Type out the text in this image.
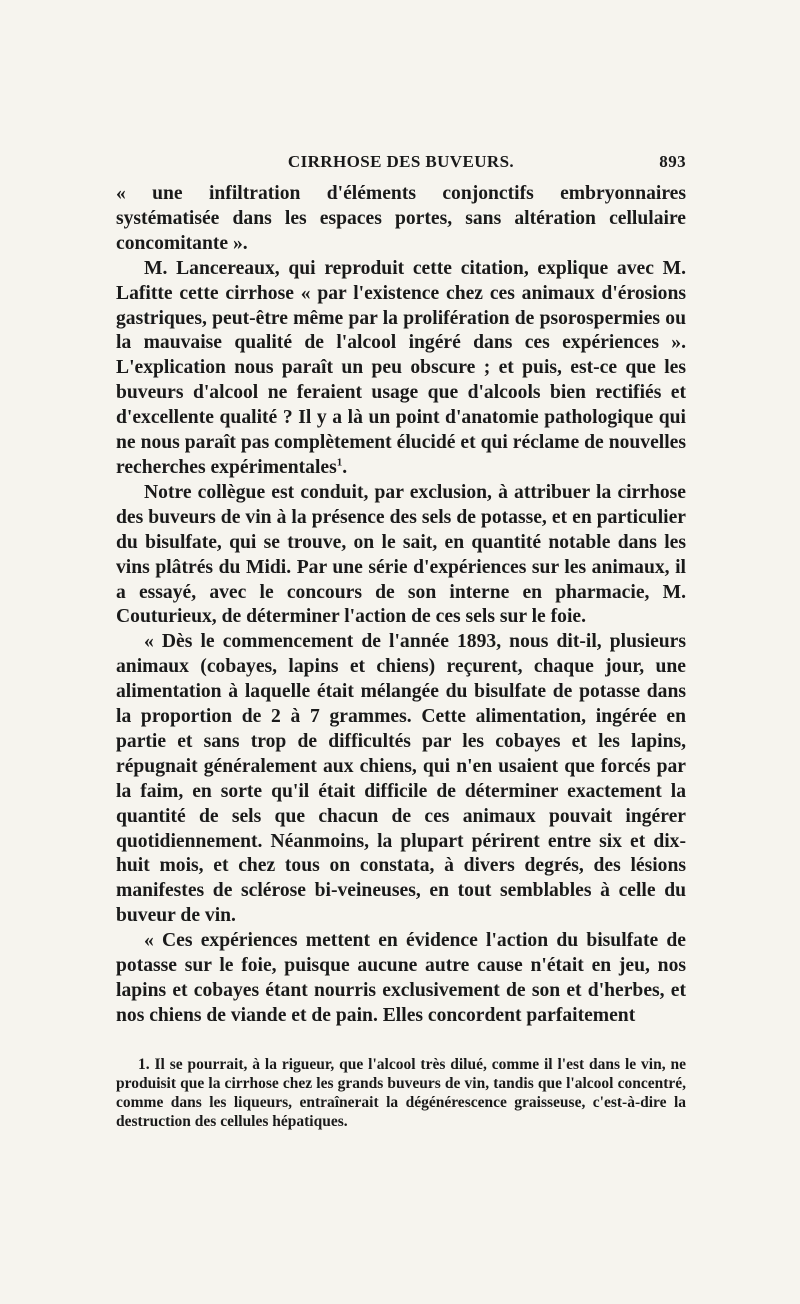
CIRRHOSE DES BUVEURS.	893

« une infiltration d'éléments conjonctifs embryonnaires systématisée dans les espaces portes, sans altération cellulaire concomitante ».

M. Lancereaux, qui reproduit cette citation, explique avec M. Lafitte cette cirrhose « par l'existence chez ces animaux d'érosions gastriques, peut-être même par la prolifération de psorospermies ou la mauvaise qualité de l'alcool ingéré dans ces expériences ». L'explication nous paraît un peu obscure ; et puis, est-ce que les buveurs d'alcool ne feraient usage que d'alcools bien rectifiés et d'excellente qualité ? Il y a là un point d'anatomie pathologique qui ne nous paraît pas complètement élucidé et qui réclame de nouvelles recherches expérimentales$^1$.

Notre collègue est conduit, par exclusion, à attribuer la cirrhose des buveurs de vin à la présence des sels de potasse, et en particulier du bisulfate, qui se trouve, on le sait, en quantité notable dans les vins plâtrés du Midi. Par une série d'expériences sur les animaux, il a essayé, avec le concours de son interne en pharmacie, M. Couturieux, de déterminer l'action de ces sels sur le foie.

« Dès le commencement de l'année 1893, nous dit-il, plusieurs animaux (cobayes, lapins et chiens) reçurent, chaque jour, une alimentation à laquelle était mélangée du bisulfate de potasse dans la proportion de 2 à 7 grammes. Cette alimentation, ingérée en partie et sans trop de difficultés par les cobayes et les lapins, répugnait généralement aux chiens, qui n'en usaient que forcés par la faim, en sorte qu'il était difficile de déterminer exactement la quantité de sels que chacun de ces animaux pouvait ingérer quotidiennement. Néanmoins, la plupart périrent entre six et dix-huit mois, et chez tous on constata, à divers degrés, des lésions manifestes de sclérose bi-veineuses, en tout semblables à celle du buveur de vin.

« Ces expériences mettent en évidence l'action du bisulfate de potasse sur le foie, puisque aucune autre cause n'était en jeu, nos lapins et cobayes étant nourris exclusivement de son et d'herbes, et nos chiens de viande et de pain. Elles concordent parfaitement

1. Il se pourrait, à la rigueur, que l'alcool très dilué, comme il l'est dans le vin, ne produisit que la cirrhose chez les grands buveurs de vin, tandis que l'alcool concentré, comme dans les liqueurs, entraînerait la dégénérescence graisseuse, c'est-à-dire la destruction des cellules hépatiques.
